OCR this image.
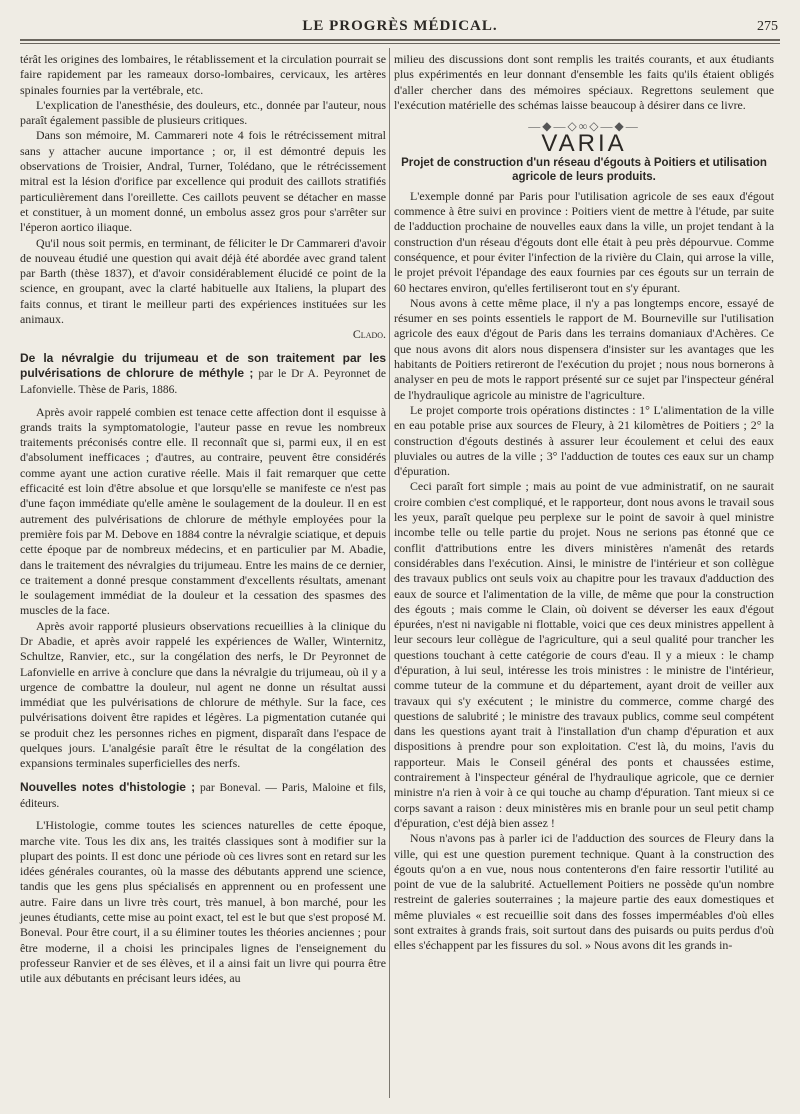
LE PROGRÈS MÉDICAL.	275

térât les origines des lombaires, le rétablissement et la circulation pourrait se faire rapidement par les rameaux dorso-lombaires, cervicaux, les artères spinales fournies par la vertébrale, etc.

L'explication de l'anesthésie, des douleurs, etc., donnée par l'auteur, nous paraît également passible de plusieurs critiques.

Dans son mémoire, M. Cammareri note 4 fois le rétrécissement mitral sans y attacher aucune importance ; or, il est démontré depuis les observations de Troisier, Andral, Turner, Tolédano, que le rétrécissement mitral est la lésion d'orifice par excellence qui produit des caillots stratifiés particulièrement dans l'oreillette. Ces caillots peuvent se détacher en masse et constituer, à un moment donné, un embolus assez gros pour s'arrêter sur l'éperon aortico iliaque.

Qu'il nous soit permis, en terminant, de féliciter le Dr Cammareri d'avoir de nouveau étudié une question qui avait déjà été abordée avec grand talent par Barth (thèse 1837), et d'avoir considérablement élucidé ce point de la science, en groupant, avec la clarté habituelle aux Italiens, la plupart des faits connus, et tirant le meilleur parti des expériences instituées sur les animaux.

Clado.
De la névralgie du trijumeau et de son traitement par les pulvérisations de chlorure de méthyle ; par le Dr A. Peyronnet de Lafonvielle. Thèse de Paris, 1886.

Après avoir rappelé combien est tenace cette affection dont il esquisse à grands traits la symptomatologie, l'auteur passe en revue les nombreux traitements préconisés contre elle. Il reconnaît que si, parmi eux, il en est d'absolument inefficaces ; d'autres, au contraire, peuvent être considérés comme ayant une action curative réelle. Mais il fait remarquer que cette efficacité est loin d'être absolue et que lorsqu'elle se manifeste ce n'est pas d'une façon immédiate qu'elle amène le soulagement de la douleur. Il en est autrement des pulvérisations de chlorure de méthyle employées pour la première fois par M. Debove en 1884 contre la névralgie sciatique, et depuis cette époque par de nombreux médecins, et en particulier par M. Abadie, dans le traitement des névralgies du trijumeau. Entre les mains de ce dernier, ce traitement a donné presque constamment d'excellents résultats, amenant le soulagement immédiat de la douleur et la cessation des spasmes des muscles de la face.

Après avoir rapporté plusieurs observations recueillies à la clinique du Dr Abadie, et après avoir rappelé les expériences de Waller, Winternitz, Schultze, Ranvier, etc., sur la congélation des nerfs, le Dr Peyronnet de Lafonvielle en arrive à conclure que dans la névralgie du trijumeau, où il y a urgence de combattre la douleur, nul agent ne donne un résultat aussi immédiat que les pulvérisations de chlorure de méthyle. Sur la face, ces pulvérisations doivent être rapides et légères. La pigmentation cutanée qui se produit chez les personnes riches en pigment, disparaît dans l'espace de quelques jours. L'analgésie paraît être le résultat de la congélation des expansions terminales superficielles des nerfs.

Nouvelles notes d'histologie ; par Boneval. — Paris, Maloine et fils, éditeurs.

L'Histologie, comme toutes les sciences naturelles de cette époque, marche vite. Tous les dix ans, les traités classiques sont à modifier sur la plupart des points. Il est donc une période où ces livres sont en retard sur les idées générales courantes, où la masse des débutants apprend une science, tandis que les gens plus spécialisés en apprennent ou en professent une autre. Faire dans un livre très court, très manuel, à bon marché, pour les jeunes étudiants, cette mise au point exact, tel est le but que s'est proposé M. Boneval. Pour être court, il a su éliminer toutes les théories anciennes ; pour être moderne, il a choisi les principales lignes de l'enseignement du professeur Ranvier et de ses élèves, et il a ainsi fait un livre qui pourra être utile aux débutants en précisant leurs idées, au

milieu des discussions dont sont remplis les traités courants, et aux étudiants plus expérimentés en leur donnant d'ensemble les faits qu'ils étaient obligés d'aller chercher dans des mémoires spéciaux. Regrettons seulement que l'exécution matérielle des schémas laisse beaucoup à désirer dans ce livre.

—◆—◇∞◇—◆—
VARIA
Projet de construction d'un réseau d'égouts à Poitiers et utilisation agricole de leurs produits.

L'exemple donné par Paris pour l'utilisation agricole de ses eaux d'égout commence à être suivi en province : Poitiers vient de mettre à l'étude, par suite de l'adduction prochaine de nouvelles eaux dans la ville, un projet tendant à la construction d'un réseau d'égouts dont elle était à peu près dépourvue. Comme conséquence, et pour éviter l'infection de la rivière du Clain, qui arrose la ville, le projet prévoit l'épandage des eaux fournies par ces égouts sur un terrain de 60 hectares environ, qu'elles fertiliseront tout en s'y épurant.

Nous avons à cette même place, il n'y a pas longtemps encore, essayé de résumer en ses points essentiels le rapport de M. Bourneville sur l'utilisation agricole des eaux d'égout de Paris dans les terrains domaniaux d'Achères. Ce que nous avons dit alors nous dispensera d'insister sur les avantages que les habitants de Poitiers retireront de l'exécution du projet ; nous nous bornerons à analyser en peu de mots le rapport présenté sur ce sujet par l'inspecteur général de l'hydraulique agricole au ministre de l'agriculture.

Le projet comporte trois opérations distinctes : 1° L'alimentation de la ville en eau potable prise aux sources de Fleury, à 21 kilomètres de Poitiers ; 2° la construction d'égouts destinés à assurer leur écoulement et celui des eaux pluviales ou autres de la ville ; 3° l'adduction de toutes ces eaux sur un champ d'épuration.

Ceci paraît fort simple ; mais au point de vue administratif, on ne saurait croire combien c'est compliqué, et le rapporteur, dont nous avons le travail sous les yeux, paraît quelque peu perplexe sur le point de savoir à quel ministre incombe telle ou telle partie du projet. Nous ne serions pas étonné que ce conflit d'attributions entre les divers ministères n'amenât des retards considérables dans l'exécution. Ainsi, le ministre de l'intérieur et son collègue des travaux publics ont seuls voix au chapitre pour les travaux d'adduction des eaux de source et l'alimentation de la ville, de même que pour la construction des égouts ; mais comme le Clain, où doivent se déverser les eaux d'égout épurées, n'est ni navigable ni flottable, voici que ces deux ministres appellent à leur secours leur collègue de l'agriculture, qui a seul qualité pour trancher les questions touchant à cette catégorie de cours d'eau. Il y a mieux : le champ d'épuration, à lui seul, intéresse les trois ministres : le ministre de l'intérieur, comme tuteur de la commune et du département, ayant droit de veiller aux travaux qui s'y exécutent ; le ministre du commerce, comme chargé des questions de salubrité ; le ministre des travaux publics, comme seul compétent dans les questions ayant trait à l'installation d'un champ d'épuration et aux dispositions à prendre pour son exploitation. C'est là, du moins, l'avis du rapporteur. Mais le Conseil général des ponts et chaussées estime, contrairement à l'inspecteur général de l'hydraulique agricole, que ce dernier ministre n'a rien à voir à ce qui touche au champ d'épuration. Tant mieux si ce corps savant a raison : deux ministères mis en branle pour un seul petit champ d'épuration, c'est déjà bien assez !

Nous n'avons pas à parler ici de l'adduction des sources de Fleury dans la ville, qui est une question purement technique. Quant à la construction des égouts qu'on a en vue, nous nous contenterons d'en faire ressortir l'utilité au point de vue de la salubrité. Actuellement Poitiers ne possède qu'un nombre restreint de galeries souterraines ; la majeure partie des eaux domestiques et même pluviales « est recueillie soit dans des fosses imperméables d'où elles sont extraites à grands frais, soit surtout dans des puisards ou puits perdus d'où elles s'échappent par les fissures du sol. » Nous avons dit les grands in-
